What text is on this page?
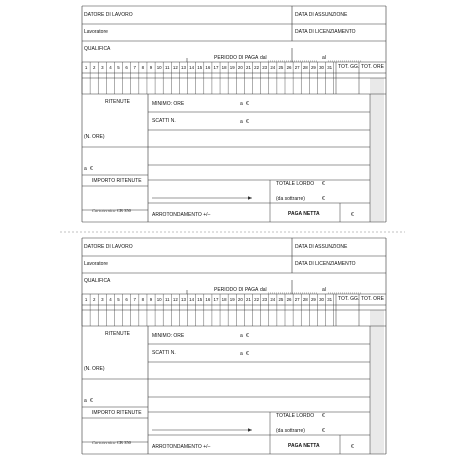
1	2	3	4	5	6	7	8	9	10 11 12 13 14 15 16 17 18 19 20 21 22 23 24 25 26 27 28 29 30 31
DATORE DI LAVORO	DATA DI ASSUNZIONE
Lavoratore	DATA DI LICENZIAMENTO
QUALIFICA
PERIODO DI PAGA dal	al
TOT. GG. TOT. ORE
RITENUTE	MINIMO: ORE	a €
SCATTI N.	a €
(N. ORE)
a €
IMPORTO RITENUTE	TOTALE LORDO €
(da sottrarre)	€
ARROTONDAMENTO +/–	PAGA NETTA	€
Cartotecnica CR 350
1	2	3	4	5	6	7	8	9	10 11 12 13 14 15 16 17 18 19 20 21 22 23 24 25 26 27 28 29 30 31
DATORE DI LAVORO	DATA DI ASSUNZIONE
Lavoratore	DATA DI LICENZIAMENTO
QUALIFICA
PERIODO DI PAGA dal	al
TOT. GG. TOT. ORE
RITENUTE	MINIMO: ORE	a €
SCATTI N.	a €
(N. ORE)
a €
IMPORTO RITENUTE	TOTALE LORDO €
(da sottrarre)	€
ARROTONDAMENTO +/–	PAGA NETTA	€
Cartotecnica CR 350
